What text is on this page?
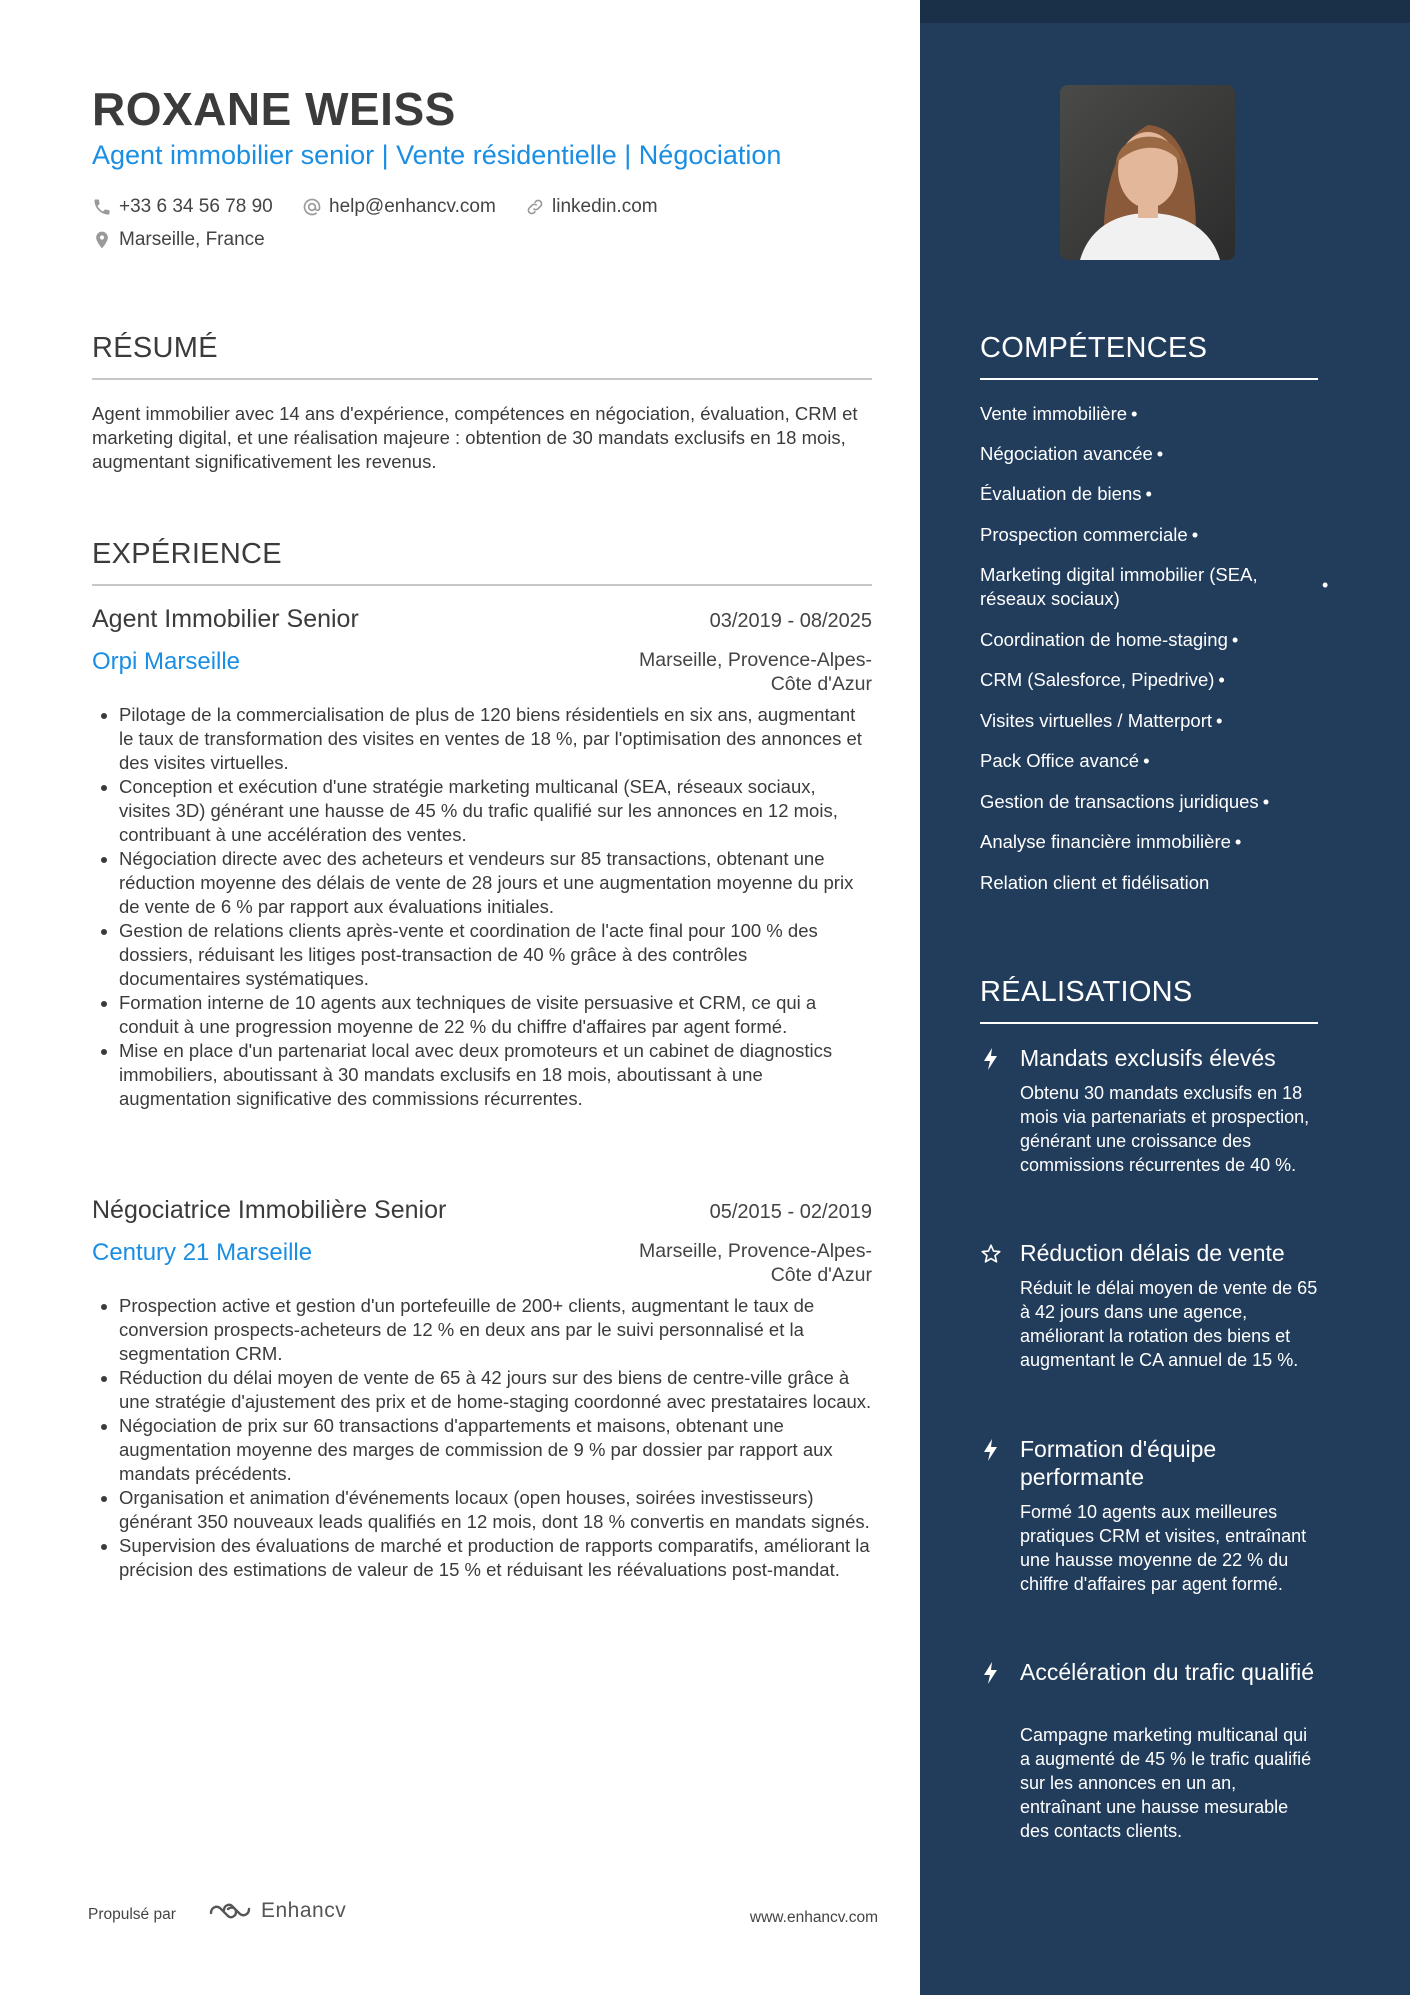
ROXANE WEISS
Agent immobilier senior | Vente résidentielle | Négociation
+33 6 34 56 78 90	help@enhancv.com	linkedin.com
Marseille, France
RÉSUMÉ

Agent immobilier avec 14 ans d'expérience, compétences en négociation, évaluation, CRM et marketing digital, et une réalisation majeure : obtention de 30 mandats exclusifs en 18 mois, augmentant significativement les revenus.

EXPÉRIENCE
Agent Immobilier Senior	03/2019 - 08/2025
Orpi Marseille	Marseille, Provence-Alpes-Côte d'Azur
• Pilotage de la commercialisation de plus de 120 biens résidentiels en six ans, augmentant le taux de transformation des visites en ventes de 18 %, par l'optimisation des annonces et des visites virtuelles.
• Conception et exécution d'une stratégie marketing multicanal (SEA, réseaux sociaux, visites 3D) générant une hausse de 45 % du trafic qualifié sur les annonces en 12 mois, contribuant à une accélération des ventes.
• Négociation directe avec des acheteurs et vendeurs sur 85 transactions, obtenant une réduction moyenne des délais de vente de 28 jours et une augmentation moyenne du prix de vente de 6 % par rapport aux évaluations initiales.
• Gestion de relations clients après-vente et coordination de l'acte final pour 100 % des dossiers, réduisant les litiges post-transaction de 40 % grâce à des contrôles documentaires systématiques.
• Formation interne de 10 agents aux techniques de visite persuasive et CRM, ce qui a conduit à une progression moyenne de 22 % du chiffre d'affaires par agent formé.
• Mise en place d'un partenariat local avec deux promoteurs et un cabinet de diagnostics immobiliers, aboutissant à 30 mandats exclusifs en 18 mois, aboutissant à une augmentation significative des commissions récurrentes.
Négociatrice Immobilière Senior	05/2015 - 02/2019
Century 21 Marseille	Marseille, Provence-Alpes-Côte d'Azur
• Prospection active et gestion d'un portefeuille de 200+ clients, augmentant le taux de conversion prospects-acheteurs de 12 % en deux ans par le suivi personnalisé et la segmentation CRM.
• Réduction du délai moyen de vente de 65 à 42 jours sur des biens de centre-ville grâce à une stratégie d'ajustement des prix et de home-staging coordonné avec prestataires locaux.
• Négociation de prix sur 60 transactions d'appartements et maisons, obtenant une augmentation moyenne des marges de commission de 9 % par dossier par rapport aux mandats précédents.
• Organisation et animation d'événements locaux (open houses, soirées investisseurs) générant 350 nouveaux leads qualifiés en 12 mois, dont 18 % convertis en mandats signés.
• Supervision des évaluations de marché et production de rapports comparatifs, améliorant la précision des estimations de valeur de 15 % et réduisant les réévaluations post-mandat.
Propulsé par	Enhancv	www.enhancv.com
COMPÉTENCES
Vente immobilière •
Négociation avancée •
Évaluation de biens •
Prospection commerciale •
Marketing digital immobilier (SEA, réseaux sociaux)
•
Coordination de home-staging •
CRM (Salesforce, Pipedrive) •
Visites virtuelles / Matterport •
Pack Office avancé •
Gestion de transactions juridiques •
Analyse financière immobilière •
Relation client et fidélisation
RÉALISATIONS
Mandats exclusifs élevés

Obtenu 30 mandats exclusifs en 18 mois via partenariats et prospection, générant une croissance des commissions récurrentes de 40 %.

Réduction délais de vente

Réduit le délai moyen de vente de 65 à 42 jours dans une agence, améliorant la rotation des biens et augmentant le CA annuel de 15 %.

Formation d'équipe performante

Formé 10 agents aux meilleures pratiques CRM et visites, entraînant une hausse moyenne de 22 % du chiffre d'affaires par agent formé.

Accélération du trafic qualifié

Campagne marketing multicanal qui a augmenté de 45 % le trafic qualifié sur les annonces en un an, entraînant une hausse mesurable des contacts clients.
